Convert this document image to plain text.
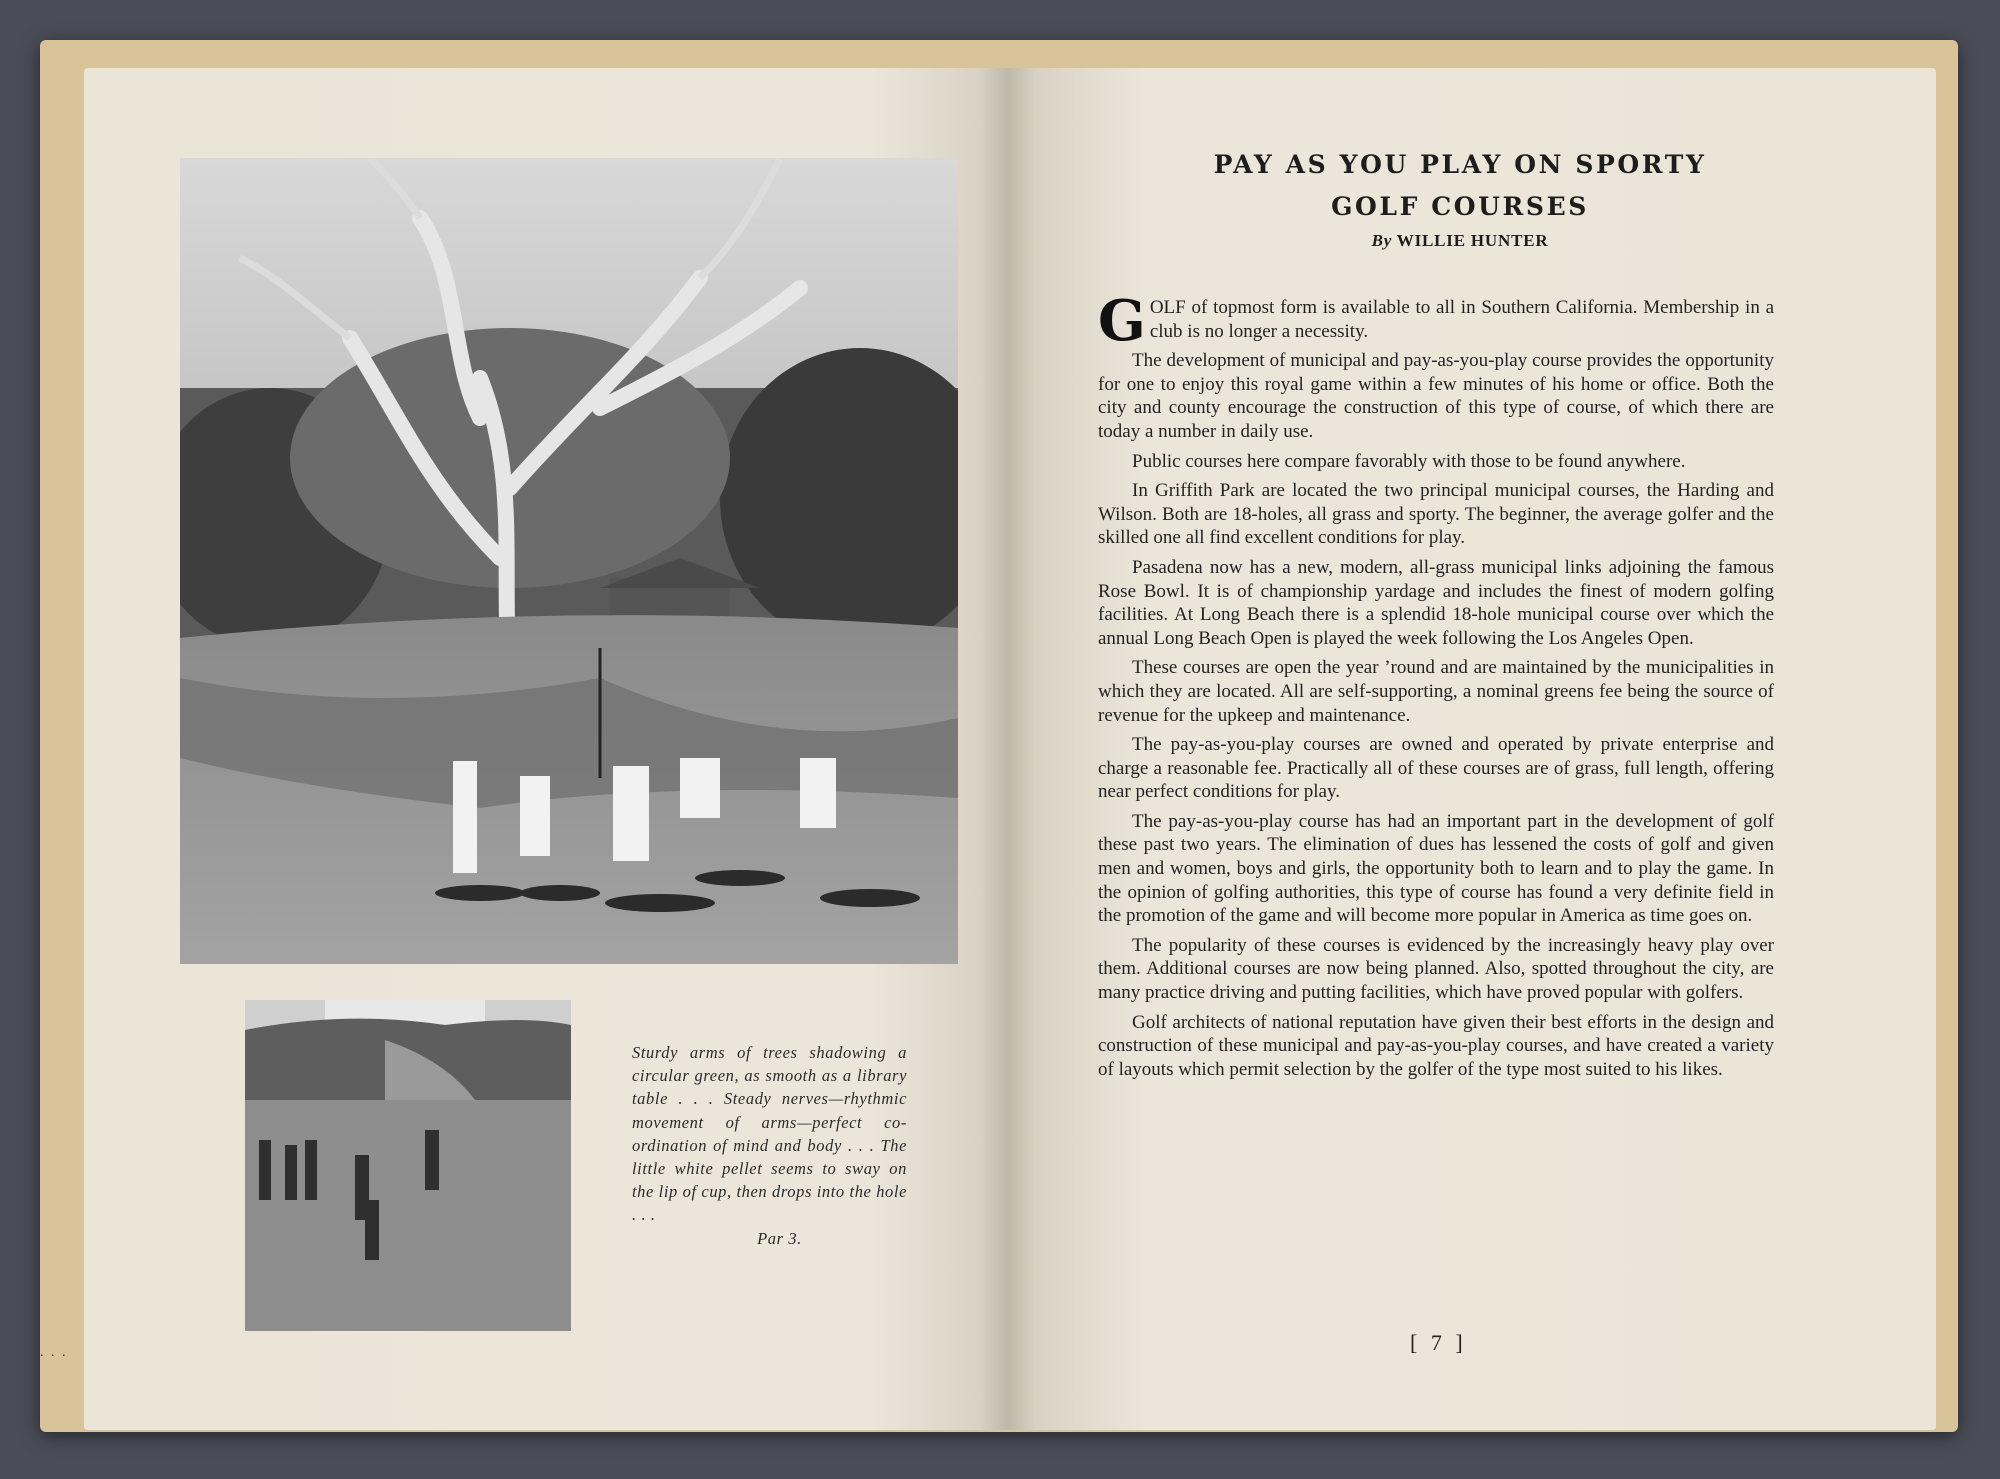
Sturdy arms of trees shadowing a circular green, as smooth as a library table . . . Steady nerves—rhythmic movement of arms—perfect co-ordination of mind and body . . . The little white pellet seems to sway on the lip of cup, then drops into the hole . . .
Par 3.
. . .
PAY AS YOU PLAY ON SPORTY
GOLF COURSES
By WILLIE HUNTER

GOLF of topmost form is available to all in Southern California. Membership in a club is no longer a necessity.

The development of municipal and pay-as-you-play course provides the opportunity for one to enjoy this royal game within a few minutes of his home or office. Both the city and county encourage the construction of this type of course, of which there are today a number in daily use.

Public courses here compare favorably with those to be found anywhere.

In Griffith Park are located the two principal municipal courses, the Harding and Wilson. Both are 18-holes, all grass and sporty. The beginner, the average golfer and the skilled one all find excellent conditions for play.

Pasadena now has a new, modern, all-grass municipal links adjoining the famous Rose Bowl. It is of championship yardage and includes the finest of modern golfing facilities. At Long Beach there is a splendid 18-hole municipal course over which the annual Long Beach Open is played the week following the Los Angeles Open.

These courses are open the year ’round and are maintained by the municipalities in which they are located. All are self-supporting, a nominal greens fee being the source of revenue for the upkeep and maintenance.

The pay-as-you-play courses are owned and operated by private enterprise and charge a reasonable fee. Practically all of these courses are of grass, full length, offering near perfect conditions for play.

The pay-as-you-play course has had an important part in the development of golf these past two years. The elimination of dues has lessened the costs of golf and given men and women, boys and girls, the opportunity both to learn and to play the game. In the opinion of golfing authorities, this type of course has found a very definite field in the promotion of the game and will become more popular in America as time goes on.

The popularity of these courses is evidenced by the increasingly heavy play over them. Additional courses are now being planned. Also, spotted throughout the city, are many practice driving and putting facilities, which have proved popular with golfers.

Golf architects of national reputation have given their best efforts in the design and construction of these municipal and pay-as-you-play courses, and have created a variety of layouts which permit selection by the golfer of the type most suited to his likes.

[ 7 ]
